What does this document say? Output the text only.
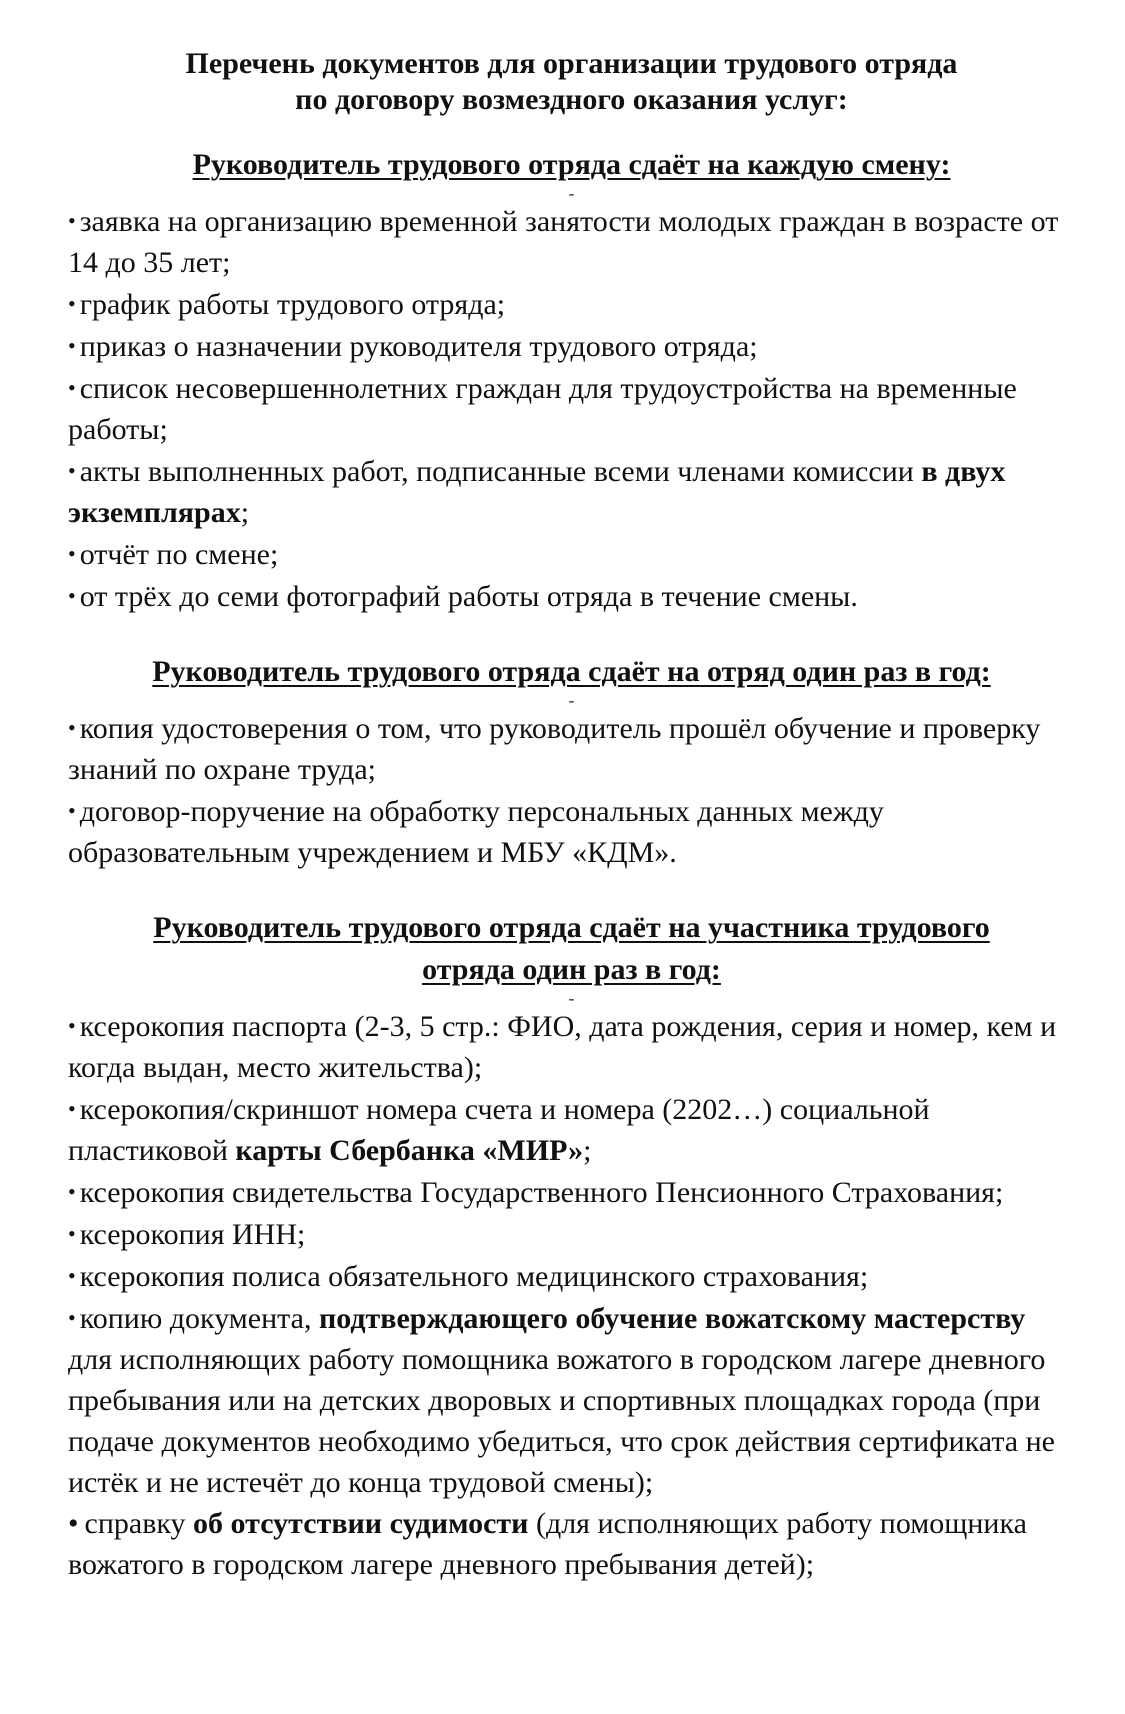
Перечень документов для организации трудового отряда
по договору возмездного оказания услуг:

Руководитель трудового отряда сдаёт на каждую смену:

-

• заявка на организацию временной занятости молодых граждан в возрасте от 14 до 35 лет;
• график работы трудового отряда;
• приказ о назначении руководителя трудового отряда;
• список несовершеннолетних граждан для трудоустройства на временные работы;
• акты выполненных работ, подписанные всеми членами комиссии в двух экземплярах;
• отчёт по смене;
• от трёх до семи фотографий работы отряда в течение смены.

Руководитель трудового отряда сдаёт на отряд один раз в год:

-

• копия удостоверения о том, что руководитель прошёл обучение и проверку знаний по охране труда;
• договор-поручение на обработку персональных данных между образовательным учреждением и МБУ «КДМ».

Руководитель трудового отряда сдаёт на участника трудового
отряда один раз в год:

-

• ксерокопия паспорта (2-3, 5 стр.: ФИО, дата рождения, серия и номер, кем и когда выдан, место жительства);
• ксерокопия/скриншот номера счета и номера (2202…) социальной пластиковой карты Сбербанка «МИР»;
• ксерокопия свидетельства Государственного Пенсионного Страхования;
• ксерокопия ИНН;
• ксерокопия полиса обязательного медицинского страхования;
• копию документа, подтверждающего обучение вожатскому мастерству для исполняющих работу помощника вожатого в городском лагере дневного пребывания или на детских дворовых и спортивных площадках города (при подаче документов необходимо убедиться, что срок действия сертификата не истёк и не истечёт до конца трудовой смены);
• справку об отсутствии судимости (для исполняющих работу помощника вожатого в городском лагере дневного пребывания детей);
